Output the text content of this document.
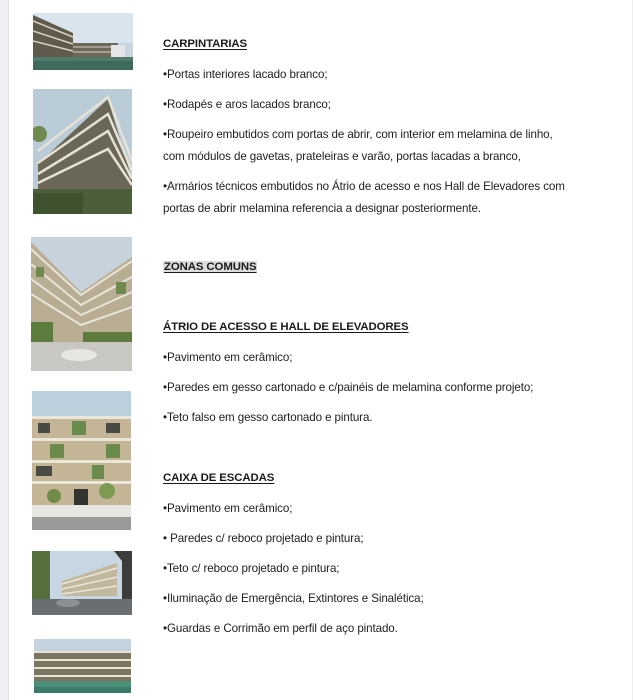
CARPINTARIAS
•Portas interiores lacado branco;
•Rodapés e aros lacados branco;
•Roupeiro embutidos com portas de abrir, com interior em melamina de linho,
com módulos de gavetas, prateleiras e varão, portas lacadas a branco,
•Armários técnicos embutidos no Átrio de acesso e nos Hall de Elevadores com
portas de abrir melamina referencia a designar posteriormente.
ZONAS COMUNS
ÁTRIO DE ACESSO E HALL DE ELEVADORES
•Pavimento em cerâmico;
•Paredes em gesso cartonado e c/painéis de melamina conforme projeto;
•Teto falso em gesso cartonado e pintura.
CAIXA DE ESCADAS
•Pavimento em cerâmico;
• Paredes c/ reboco projetado e pintura;
•Teto c/ reboco projetado e pintura;
•Iluminação de Emergência, Extintores e Sinalética;
•Guardas e Corrimão em perfil de aço pintado.
